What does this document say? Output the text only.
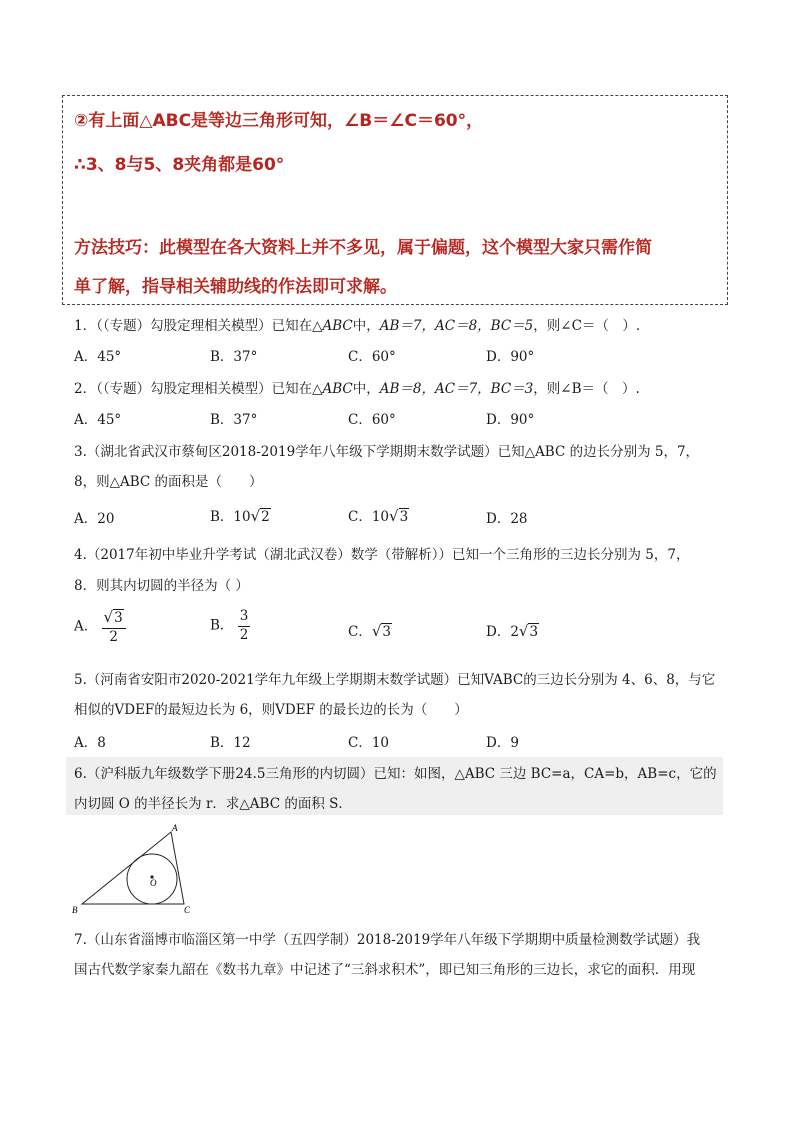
②有上面△ABC是等边三角形可知，∠B＝∠C＝60°，
∴3、8与5、8夹角都是60°
方法技巧：此模型在各大资料上并不多见，属于偏题，这个模型大家只需作简
单了解，指导相关辅助线的作法即可求解。
1．（（专题）勾股定理相关模型）已知在△ABC中，AB＝7，AC＝8，BC＝5，则∠C＝（　）.
A．45°	B．37°	C．60°	D．90°
2．（（专题）勾股定理相关模型）已知在△ABC中，AB＝8，AC＝7，BC＝3，则∠B＝（　）.
A．45°	B．37°	C．60°	D．90°
3.（湖北省武汉市蔡甸区2018-2019学年八年级下学期期末数学试题）已知△ABC 的边长分别为 5，7，
8，则△ABC 的面积是（　　）
A．20	B．10√2	C．10√3	D．28
4.（2017年初中毕业升学考试（湖北武汉卷）数学（带解析））已知一个三角形的三边长分别为 5，7，
8．则其内切圆的半径为（ ）
A． $\frac{√3}{2}$	B． $\frac{3}{2}$	C．√3	D．2√3
5.（河南省安阳市2020-2021学年九年级上学期期末数学试题）已知VABC的三边长分别为 4、6、8，与它
相似的VDEF的最短边长为 6，则VDEF 的最长边的长为（　　）
A．8	B．12	C．10	D．9
6.（沪科版九年级数学下册24.5三角形的内切圆）已知：如图，△ABC 三边 BC=a，CA=b，AB=c，它的
内切圆 O 的半径长为 r．求△ABC 的面积 S．
A
B	C
O
7.（山东省淄博市临淄区第一中学（五四学制）2018-2019学年八年级下学期期中质量检测数学试题）我
国古代数学家秦九韶在《数书九章》中记述了“三斜求积术”，即已知三角形的三边长，求它的面积．用现
